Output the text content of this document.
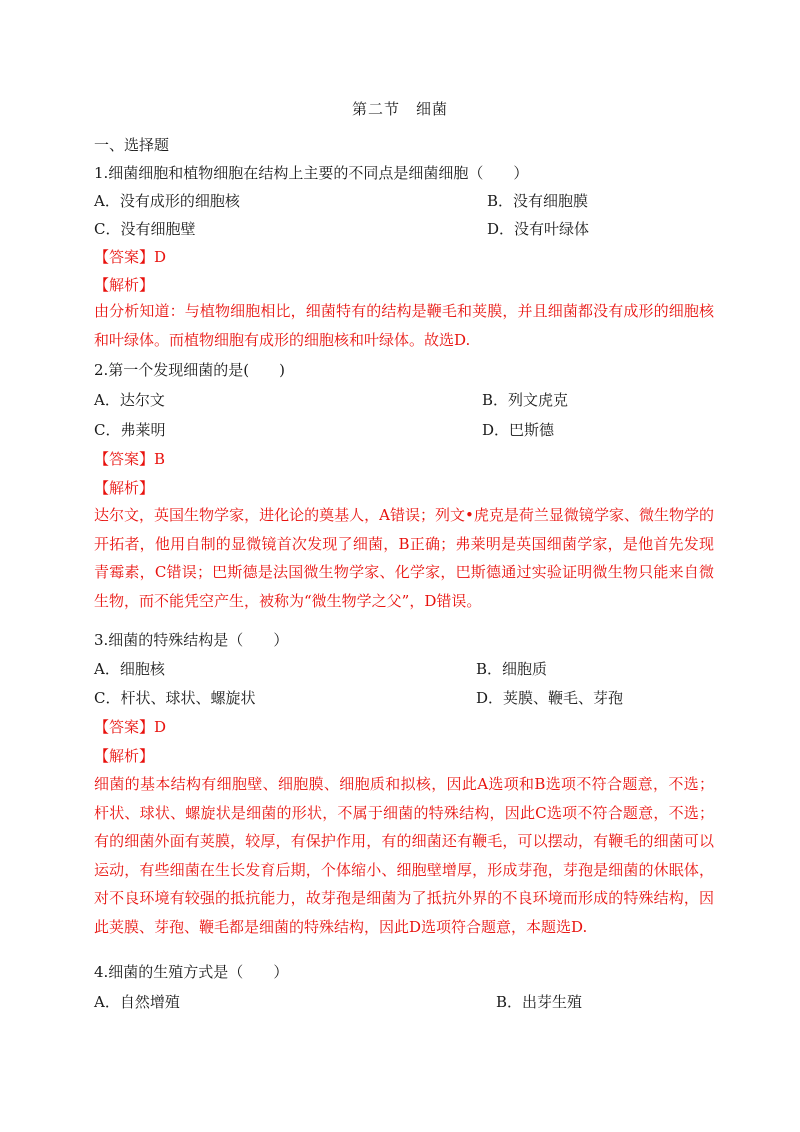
第二节　细菌
一、选择题
1.细菌细胞和植物细胞在结构上主要的不同点是细菌细胞（　　）
A．没有成形的细胞核	B．没有细胞膜
C．没有细胞壁	D．没有叶绿体
【答案】D
【解析】
由分析知道：与植物细胞相比，细菌特有的结构是鞭毛和荚膜，并且细菌都没有成形的细胞核和叶绿体。而植物细胞有成形的细胞核和叶绿体。故选D.
2.第一个发现细菌的是(　　)
A．达尔文	B．列文虎克
C．弗莱明	D．巴斯德
【答案】B
【解析】
达尔文，英国生物学家，进化论的奠基人，A错误；列文•虎克是荷兰显微镜学家、微生物学的开拓者，他用自制的显微镜首次发现了细菌，B正确；弗莱明是英国细菌学家，是他首先发现青霉素，C错误；巴斯德是法国微生物学家、化学家，巴斯德通过实验证明微生物只能来自微生物，而不能凭空产生，被称为“微生物学之父”，D错误。
3.细菌的特殊结构是（　　）
A．细胞核	B．细胞质
C．杆状、球状、螺旋状	D．荚膜、鞭毛、芽孢
【答案】D
【解析】
细菌的基本结构有细胞壁、细胞膜、细胞质和拟核，因此A选项和B选项不符合题意，不选；杆状、球状、螺旋状是细菌的形状，不属于细菌的特殊结构，因此C选项不符合题意，不选；有的细菌外面有荚膜，较厚，有保护作用，有的细菌还有鞭毛，可以摆动，有鞭毛的细菌可以运动，有些细菌在生长发育后期，个体缩小、细胞壁增厚，形成芽孢，芽孢是细菌的休眠体，对不良环境有较强的抵抗能力，故芽孢是细菌为了抵抗外界的不良环境而形成的特殊结构，因此荚膜、芽孢、鞭毛都是细菌的特殊结构，因此D选项符合题意，本题选D.
4.细菌的生殖方式是（　　）
A．自然增殖	B．出芽生殖
